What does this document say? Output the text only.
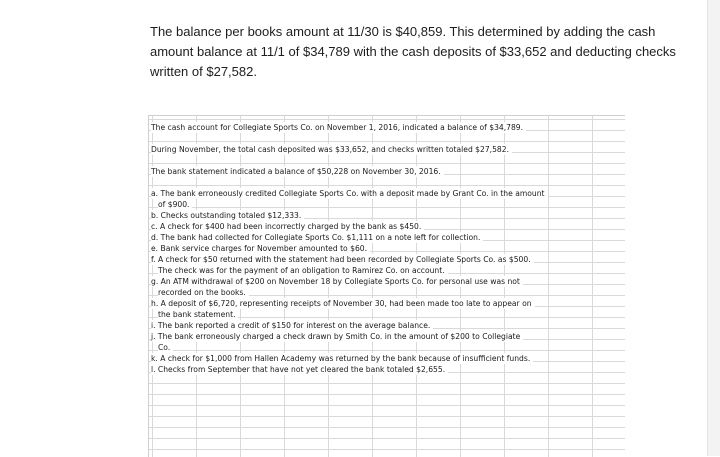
The balance per books amount at 11/30 is $40,859. This determined by adding the cash amount balance at 11/1 of $34,789 with the cash deposits of $33,652 and deducting checks written of $27,582.

The cash account for Collegiate Sports Co. on November 1, 2016, indicated a balance of $34,789.
During November, the total cash deposited was $33,652, and checks written totaled $27,582.
The bank statement indicated a balance of $50,228 on November 30, 2016.
a. The bank erroneously credited Collegiate Sports Co. with a deposit made by Grant Co. in the amount
of $900.
b. Checks outstanding totaled $12,333.
c. A check for $400 had been incorrectly charged by the bank as $450.
d. The bank had collected for Collegiate Sports Co. $1,111 on a note left for collection.
e. Bank service charges for November amounted to $60.
f. A check for $50 returned with the statement had been recorded by Collegiate Sports Co. as $500.
The check was for the payment of an obligation to Ramirez Co. on account.
g. An ATM withdrawal of $200 on November 18 by Collegiate Sports Co. for personal use was not
recorded on the books.
h. A deposit of $6,720, representing receipts of November 30, had been made too late to appear on
the bank statement.
i. The bank reported a credit of $150 for interest on the average balance.
j. The bank erroneously charged a check drawn by Smith Co. in the amount of $200 to Collegiate
Co.
k. A check for $1,000 from Hallen Academy was returned by the bank because of insufficient funds.
l. Checks from September that have not yet cleared the bank totaled $2,655.
